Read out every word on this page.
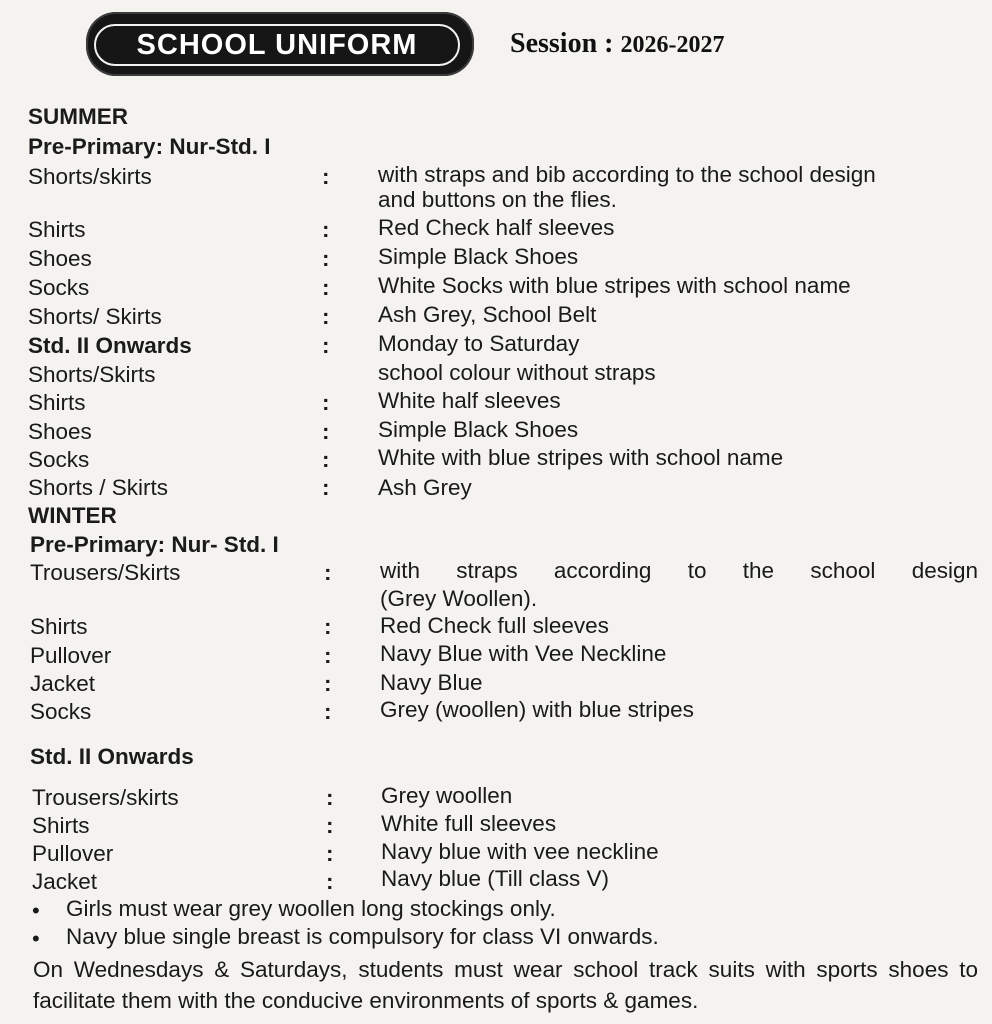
SCHOOL UNIFORM	Session : 2026-2027
SUMMER
Pre-Primary: Nur-Std. I
Shorts/skirts	: with straps and bib according to the school design
and buttons on the flies.
Shirts	: Red Check half sleeves
Shoes	: Simple Black Shoes
Socks	: White Socks with blue stripes with school name
Shorts/ Skirts	: Ash Grey, School Belt
Std. II Onwards	: Monday to Saturday
Shorts/Skirts	school colour without straps
Shirts	: White half sleeves
Shoes	: Simple Black Shoes
Socks	: White with blue stripes with school name
Shorts / Skirts	: Ash Grey
WINTER
Pre-Primary: Nur- Std. I
Trousers/Skirts	: with straps according to the school design
(Grey Woollen).
Shirts	: Red Check full sleeves
Pullover	: Navy Blue with Vee Neckline
Jacket	: Navy Blue
Socks	: Grey (woollen) with blue stripes
Std. II Onwards
Trousers/skirts	: Grey woollen
Shirts	: White full sleeves
Pullover	: Navy blue with vee neckline
Jacket	: Navy blue (Till class V)
• Girls must wear grey woollen long stockings only.
• Navy blue single breast is compulsory for class VI onwards.
On Wednesdays & Saturdays, students must wear school track suits with sports shoes to facilitate them with the conducive environments of sports & games.
